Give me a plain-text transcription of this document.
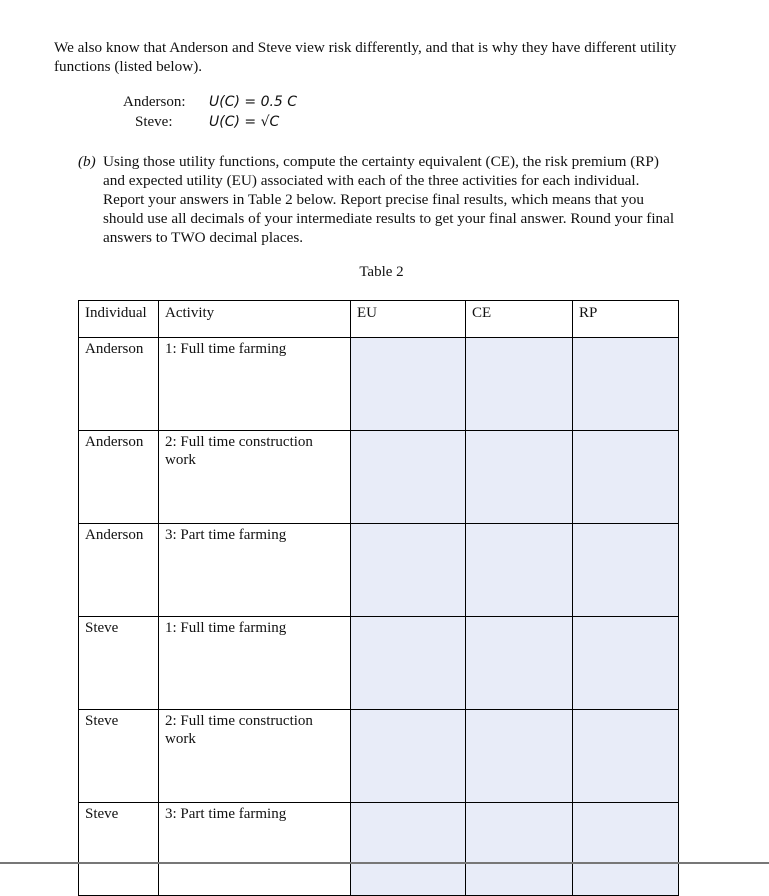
We also know that Anderson and Steve view risk differently, and that is why they have different utility functions (listed below).
Anderson: U(C) = 0.5 C
Steve:	U(C) = √C
(b) Using those utility functions, compute the certainty equivalent (CE), the risk premium (RP) and expected utility (EU) associated with each of the three activities for each individual. Report your answers in Table 2 below. Report precise final results, which means that you should use all decimals of your intermediate results to get your final answer. Round your final answers to TWO decimal places.
Table 2
Individual	Activity	EU	CE	RP

Anderson	1: Full time farming			

Anderson	2: Full time construction work			

Anderson	3: Part time farming			

Steve	1: Full time farming			

Steve	2: Full time construction work			

Steve	3: Part time farming			
